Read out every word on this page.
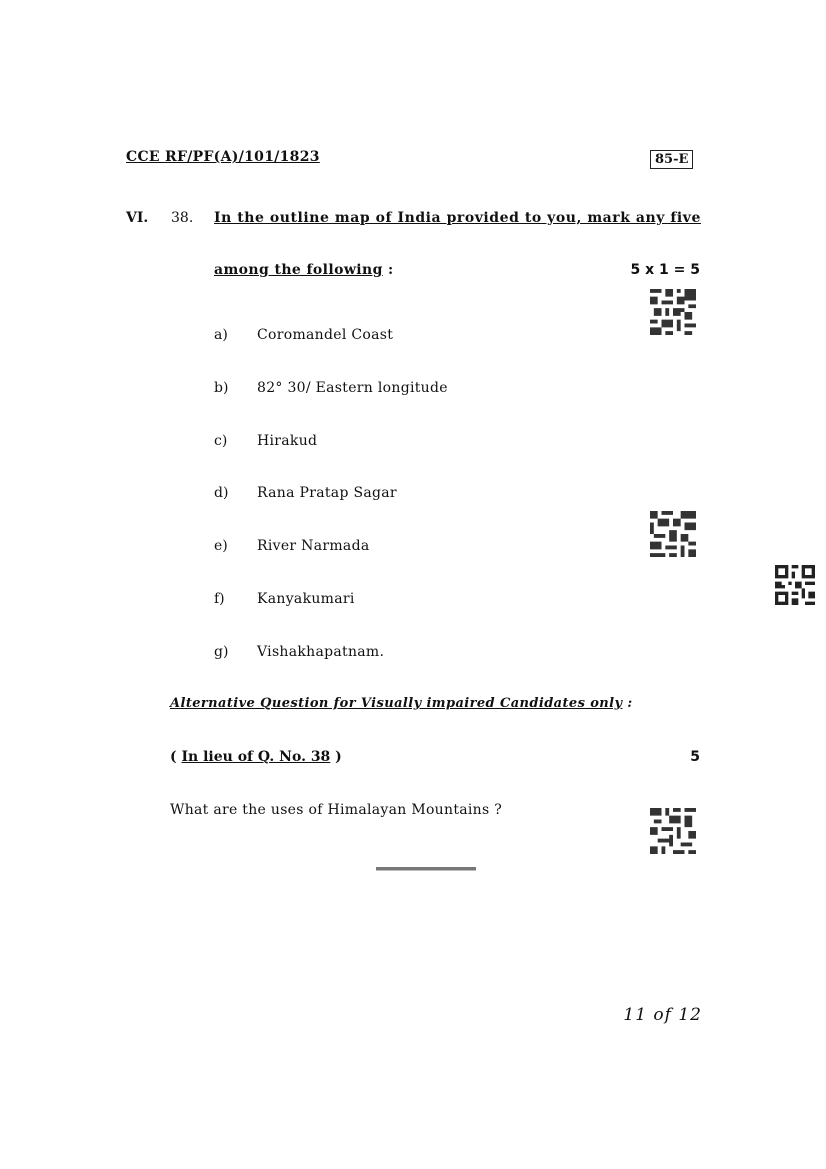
CCE RF/PF(A)/101/1823	85-E
VI. 38. In the outline map of India provided to you, mark any five
among the following :	5 x 1 = 5
a) Coromandel Coast
b) 82° 30/ Eastern longitude
c) Hirakud
d) Rana Pratap Sagar
e) River Narmada
f) Kanyakumari
g) Vishakhapatnam.
Alternative Question for Visually impaired Candidates only :
( In lieu of Q. No. 38 )	5
What are the uses of Himalayan Mountains ?
11 of 12
